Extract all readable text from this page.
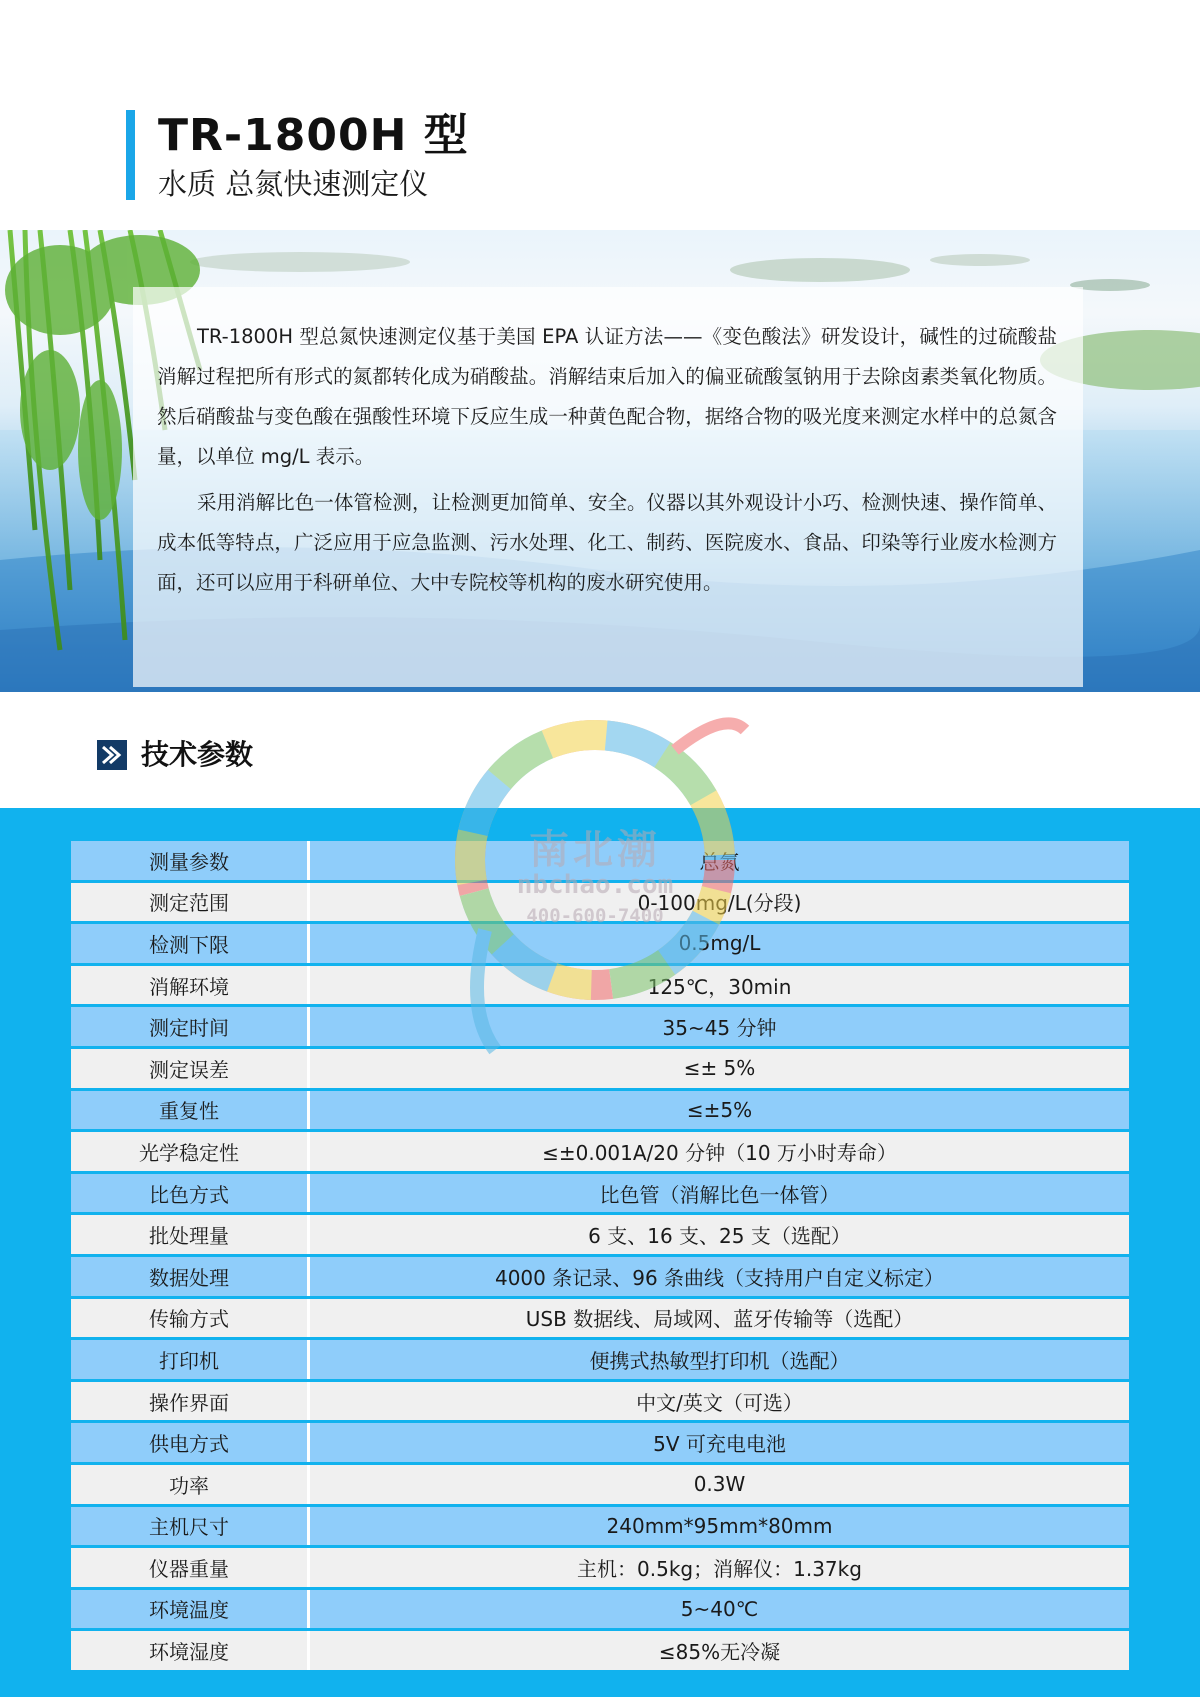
TR-1800H 型
水质 总氮快速测定仪

TR-1800H 型总氮快速测定仪基于美国 EPA 认证方法——《变色酸法》研发设计，碱性的过硫酸盐消解过程把所有形式的氮都转化成为硝酸盐。消解结束后加入的偏亚硫酸氢钠用于去除卤素类氧化物质。然后硝酸盐与变色酸在强酸性环境下反应生成一种黄色配合物，据络合物的吸光度来测定水样中的总氮含量，以单位 mg/L 表示。

采用消解比色一体管检测，让检测更加简单、安全。仪器以其外观设计小巧、检测快速、操作简单、成本低等特点，广泛应用于应急监测、污水处理、化工、制药、医院废水、食品、印染等行业废水检测方面，还可以应用于科研单位、大中专院校等机构的废水研究使用。

技术参数
测量参数	总氮
测定范围	0-100mg/L(分段)
检测下限	0.5mg/L
消解环境	125℃，30min
测定时间	35~45 分钟
测定误差	≤± 5%
重复性	≤±5%
光学稳定性	≤±0.001A/20 分钟（10 万小时寿命）
比色方式	比色管（消解比色一体管）
批处理量	6 支、16 支、25 支（选配）
数据处理	4000 条记录、96 条曲线（支持用户自定义标定）
传输方式	USB 数据线、局域网、蓝牙传输等（选配）
打印机	便携式热敏型打印机（选配）
操作界面	中文/英文（可选）
供电方式	5V 可充电电池
功率	0.3W
主机尺寸	240mm*95mm*80mm
仪器重量	主机：0.5kg；消解仪：1.37kg
环境温度	5~40℃
环境湿度	≤85%无冷凝
南北潮
nbchao.com
400-600-7400
